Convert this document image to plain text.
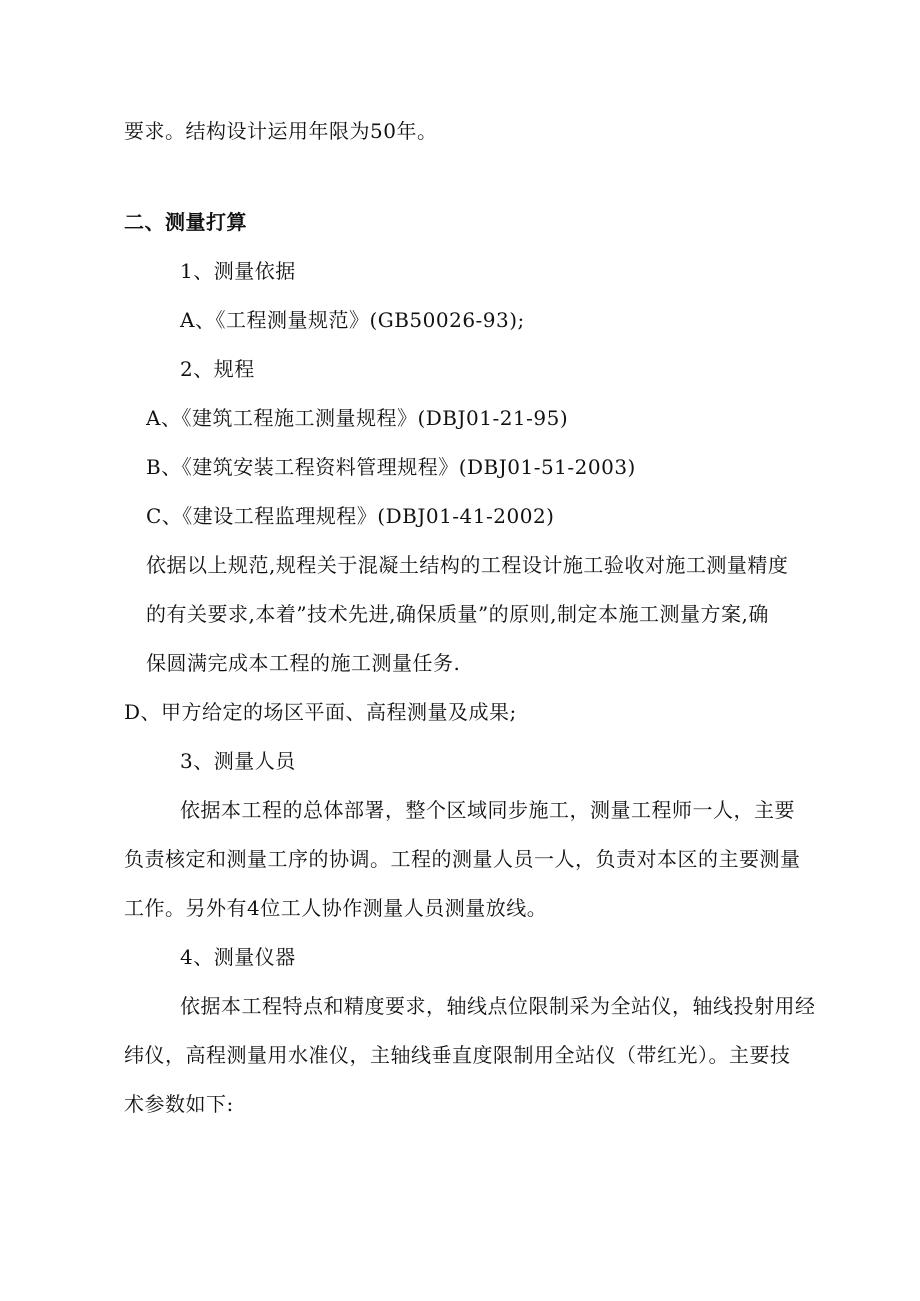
要求。结构设计运用年限为50年。
二、测量打算
1、测量依据
A、《工程测量规范》(GB50026-93);
2、规程
A、《建筑工程施工测量规程》(DBJ01-21-95)
B、《建筑安装工程资料管理规程》(DBJ01-51-2003)
C、《建设工程监理规程》(DBJ01-41-2002)
依据以上规范,规程关于混凝土结构的工程设计施工验收对施工测量精度
的有关要求,本着”技术先进,确保质量”的原则,制定本施工测量方案,确
保圆满完成本工程的施工测量任务.
D、甲方给定的场区平面、高程测量及成果;
3、测量人员
依据本工程的总体部署，整个区域同步施工，测量工程师一人，主要
负责核定和测量工序的协调。工程的测量人员一人，负责对本区的主要测量
工作。另外有4位工人协作测量人员测量放线。
4、测量仪器
依据本工程特点和精度要求，轴线点位限制采为全站仪，轴线投射用经
纬仪，高程测量用水准仪，主轴线垂直度限制用全站仪（带红光）。主要技
术参数如下:
